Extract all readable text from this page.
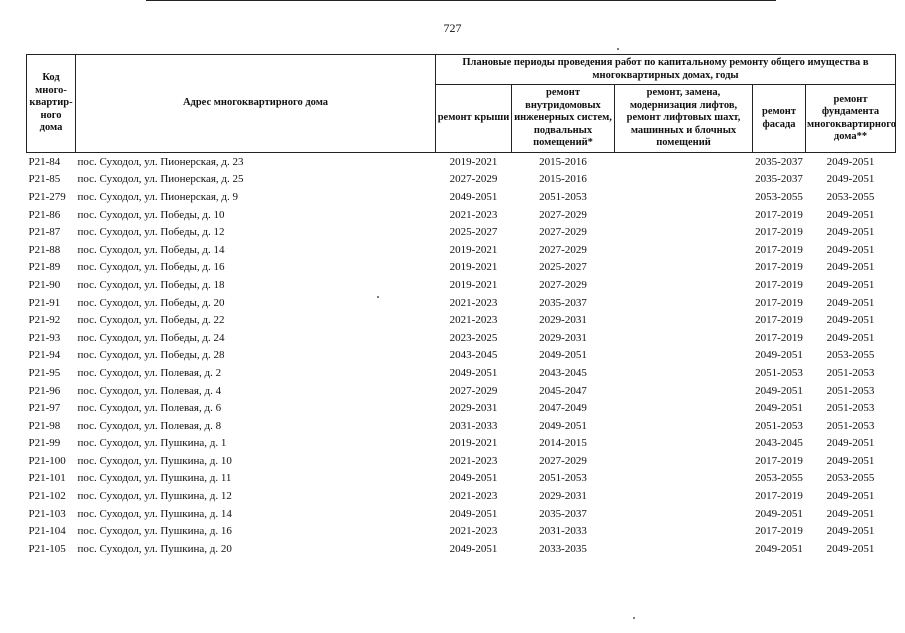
727
Код
много-
квартир-
ного
дома	Адрес многоквартирного дома	Плановые периоды проведения работ по капитальному ремонту общего имущества в многоквартирных домах, годы				
		ремонт крыши	ремонт внутридомовых инженерных систем, подвальных помещений*	ремонт, замена, модернизация лифтов, ремонт лифтовых шахт, машинных и блочных помещений	ремонт фасада	ремонт фундамента многоквартирного дома**
Р21-84	пос. Суходол, ул. Пионерская, д. 23	2019-2021	2015-2016		2035-2037	2049-2051
Р21-85	пос. Суходол, ул. Пионерская, д. 25	2027-2029	2015-2016		2035-2037	2049-2051
Р21-279	пос. Суходол, ул. Пионерская, д. 9	2049-2051	2051-2053		2053-2055	2053-2055
Р21-86	пос. Суходол, ул. Победы, д. 10	2021-2023	2027-2029		2017-2019	2049-2051
Р21-87	пос. Суходол, ул. Победы, д. 12	2025-2027	2027-2029		2017-2019	2049-2051
Р21-88	пос. Суходол, ул. Победы, д. 14	2019-2021	2027-2029		2017-2019	2049-2051
Р21-89	пос. Суходол, ул. Победы, д. 16	2019-2021	2025-2027		2017-2019	2049-2051
Р21-90	пос. Суходол, ул. Победы, д. 18	2019-2021	2027-2029		2017-2019	2049-2051
Р21-91	пос. Суходол, ул. Победы, д. 20	2021-2023	2035-2037		2017-2019	2049-2051
Р21-92	пос. Суходол, ул. Победы, д. 22	2021-2023	2029-2031		2017-2019	2049-2051
Р21-93	пос. Суходол, ул. Победы, д. 24	2023-2025	2029-2031		2017-2019	2049-2051
Р21-94	пос. Суходол, ул. Победы, д. 28	2043-2045	2049-2051		2049-2051	2053-2055
Р21-95	пос. Суходол, ул. Полевая, д. 2	2049-2051	2043-2045		2051-2053	2051-2053
Р21-96	пос. Суходол, ул. Полевая, д. 4	2027-2029	2045-2047		2049-2051	2051-2053
Р21-97	пос. Суходол, ул. Полевая, д. 6	2029-2031	2047-2049		2049-2051	2051-2053
Р21-98	пос. Суходол, ул. Полевая, д. 8	2031-2033	2049-2051		2051-2053	2051-2053
Р21-99	пос. Суходол, ул. Пушкина, д. 1	2019-2021	2014-2015		2043-2045	2049-2051
Р21-100	пос. Суходол, ул. Пушкина, д. 10	2021-2023	2027-2029		2017-2019	2049-2051
Р21-101	пос. Суходол, ул. Пушкина, д. 11	2049-2051	2051-2053		2053-2055	2053-2055
Р21-102	пос. Суходол, ул. Пушкина, д. 12	2021-2023	2029-2031		2017-2019	2049-2051
Р21-103	пос. Суходол, ул. Пушкина, д. 14	2049-2051	2035-2037		2049-2051	2049-2051
Р21-104	пос. Суходол, ул. Пушкина, д. 16	2021-2023	2031-2033		2017-2019	2049-2051
Р21-105	пос. Суходол, ул. Пушкина, д. 20	2049-2051	2033-2035		2049-2051	2049-2051
